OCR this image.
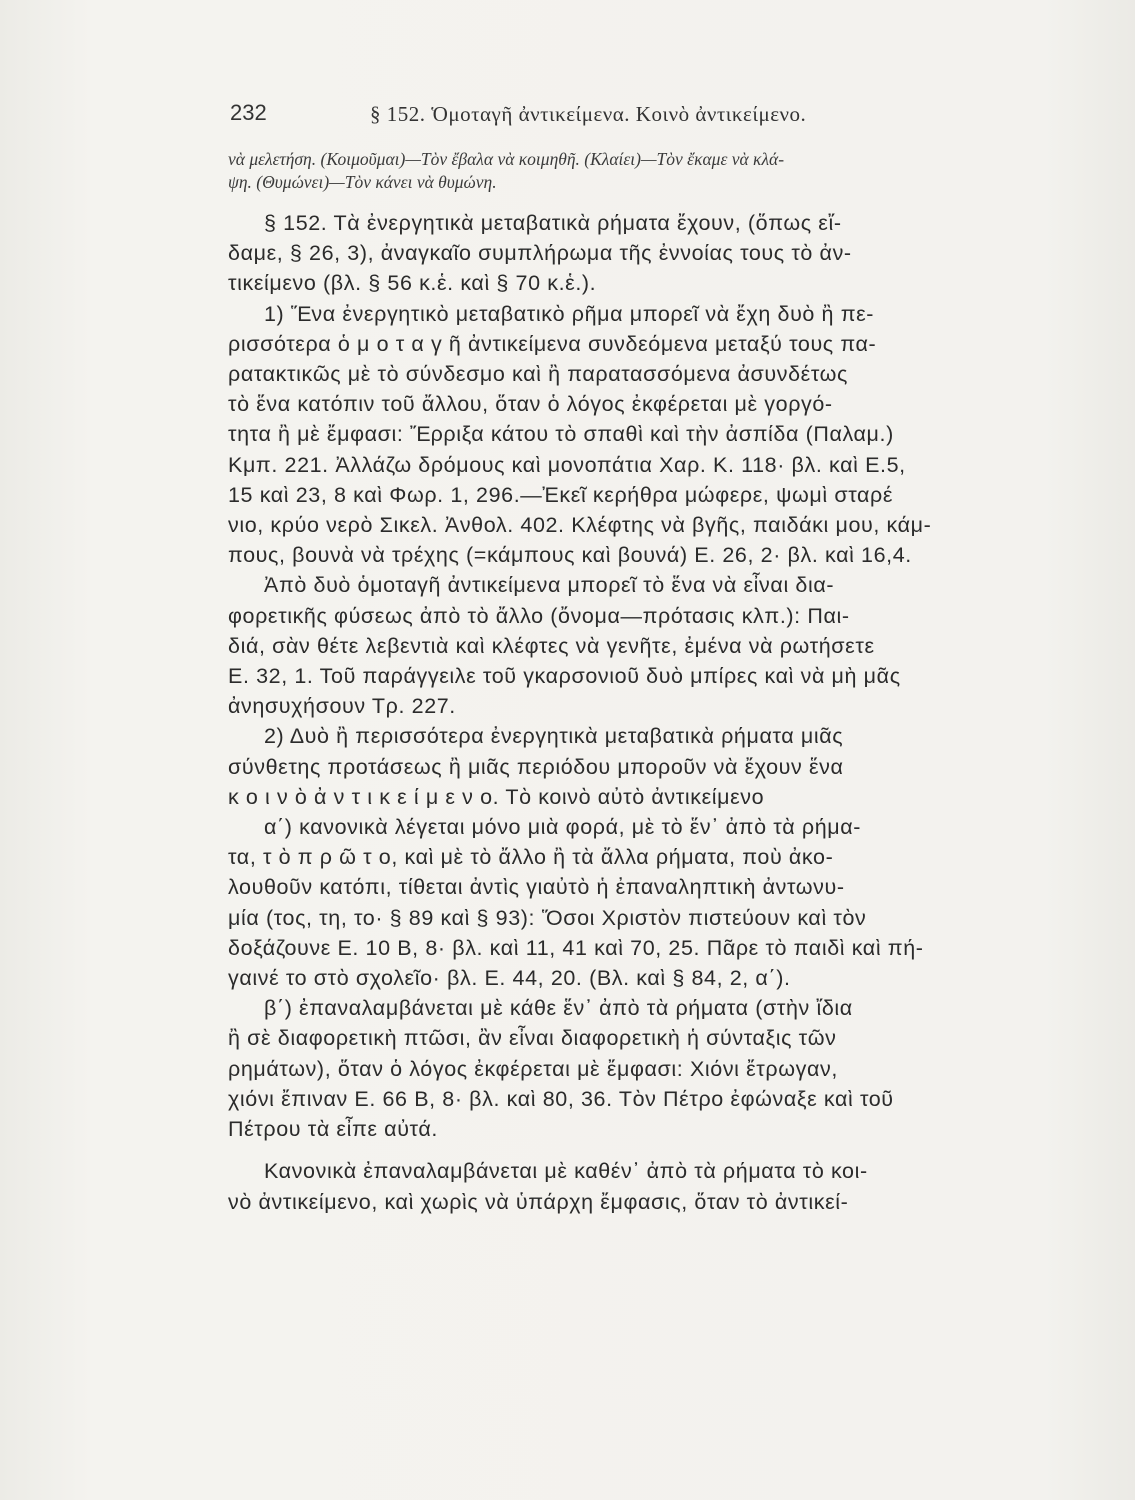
232	§ 152. Ὁμοταγῆ ἀντικείμενα. Κοινὸ ἀντικείμενο.
νὰ μελετήση. (Κοιμοῦμαι)—Τὸν ἔβαλα νὰ κοιμηθῆ. (Κλαίει)—Τὸν ἔκαμε νὰ κλά-
ψη. (Θυμώνει)—Τὸν κάνει νὰ θυμώνη.
§ 152. Τὰ ἐνεργητικὰ μεταβατικὰ ρήματα ἔχουν, (ὅπως εἴ-
δαμε, § 26, 3), ἀναγκαῖο συμπλήρωμα τῆς ἐννοίας τους τὸ ἀν-
τικείμενο (βλ. § 56 κ.ἑ. καὶ § 70 κ.ἑ.).
1) Ἕνα ἐνεργητικὸ μεταβατικὸ ρῆμα μπορεῖ νὰ ἔχη δυὸ ἢ πε-
ρισσότερα ὁ μ ο τ α γ ῆ ἀντικείμενα συνδεόμενα μεταξύ τους πα-
ρατακτικῶς μὲ τὸ σύνδεσμο καὶ ἢ παρατασσόμενα ἀσυνδέτως
τὸ ἕνα κατόπιν τοῦ ἄλλου, ὅταν ὁ λόγος ἐκφέρεται μὲ γοργό-
τητα ἢ μὲ ἔμφασι: Ἔρριξα κάτου τὸ σπαθὶ καὶ τὴν ἀσπίδα (Παλαμ.)
Κμπ. 221. Ἀλλάζω δρόμους καὶ μονοπάτια Χαρ. Κ. 118· βλ. καὶ Ε.5,
15 καὶ 23, 8 καὶ Φωρ. 1, 296.—Ἐκεῖ κερήθρα μώφερε, ψωμὶ σταρέ
νιο, κρύο νερὸ Σικελ. Ἀνθολ. 402. Κλέφτης νὰ βγῆς, παιδάκι μου, κάμ-
πους, βουνὰ νὰ τρέχης (=κάμπους καὶ βουνά) Ε. 26, 2· βλ. καὶ 16,4.
Ἀπὸ δυὸ ὁμοταγῆ ἀντικείμενα μπορεῖ τὸ ἕνα νὰ εἶναι δια-
φορετικῆς φύσεως ἀπὸ τὸ ἄλλο (ὄνομα—πρότασις κλπ.): Παι-
διά, σὰν θέτε λεβεντιὰ καὶ κλέφτες νὰ γενῆτε, ἐμένα νὰ ρωτήσετε
Ε. 32, 1. Τοῦ παράγγειλε τοῦ γκαρσονιοῦ δυὸ μπίρες καὶ νὰ μὴ μᾶς
ἀνησυχήσουν Τρ. 227.
2) Δυὸ ἢ περισσότερα ἐνεργητικὰ μεταβατικὰ ρήματα μιᾶς
σύνθετης προτάσεως ἢ μιᾶς περιόδου μποροῦν νὰ ἔχουν ἕνα
κ ο ι ν ὸ ἀ ν τ ι κ ε ί μ ε ν ο. Τὸ κοινὸ αὐτὸ ἀντικείμενο
α΄) κανονικὰ λέγεται μόνο μιὰ φορά, μὲ τὸ ἕν᾿ ἀπὸ τὰ ρήμα-
τα, τ ὸ π ρ ῶ τ ο, καὶ μὲ τὸ ἄλλο ἢ τὰ ἄλλα ρήματα, ποὺ ἀκο-
λουθοῦν κατόπι, τίθεται ἀντὶς γιαὐτὸ ἡ ἐπαναληπτικὴ ἀντωνυ-
μία (τος, τη, το· § 89 καὶ § 93): Ὅσοι Χριστὸν πιστεύουν καὶ τὸν
δοξάζουνε Ε. 10 Β, 8· βλ. καὶ 11, 41 καὶ 70, 25. Πᾶρε τὸ παιδὶ καὶ πή-
γαινέ το στὸ σχολεῖο· βλ. Ε. 44, 20. (Βλ. καὶ § 84, 2, α΄).
β΄) ἐπαναλαμβάνεται μὲ κάθε ἕν᾿ ἀπὸ τὰ ρήματα (στὴν ἴδια
ἢ σὲ διαφορετικὴ πτῶσι, ἂν εἶναι διαφορετικὴ ἡ σύνταξις τῶν
ρημάτων), ὅταν ὁ λόγος ἐκφέρεται μὲ ἔμφασι: Χιόνι ἔτρωγαν,
χιόνι ἔπιναν Ε. 66 Β, 8· βλ. καὶ 80, 36. Τὸν Πέτρο ἐφώναξε καὶ τοῦ
Πέτρου τὰ εἶπε αὐτά.
Κανονικὰ ἐπαναλαμβάνεται μὲ καθέν᾿ ἀπὸ τὰ ρήματα τὸ κοι-
νὸ ἀντικείμενο, καὶ χωρὶς νὰ ὑπάρχη ἔμφασις, ὅταν τὸ ἀντικεί-
